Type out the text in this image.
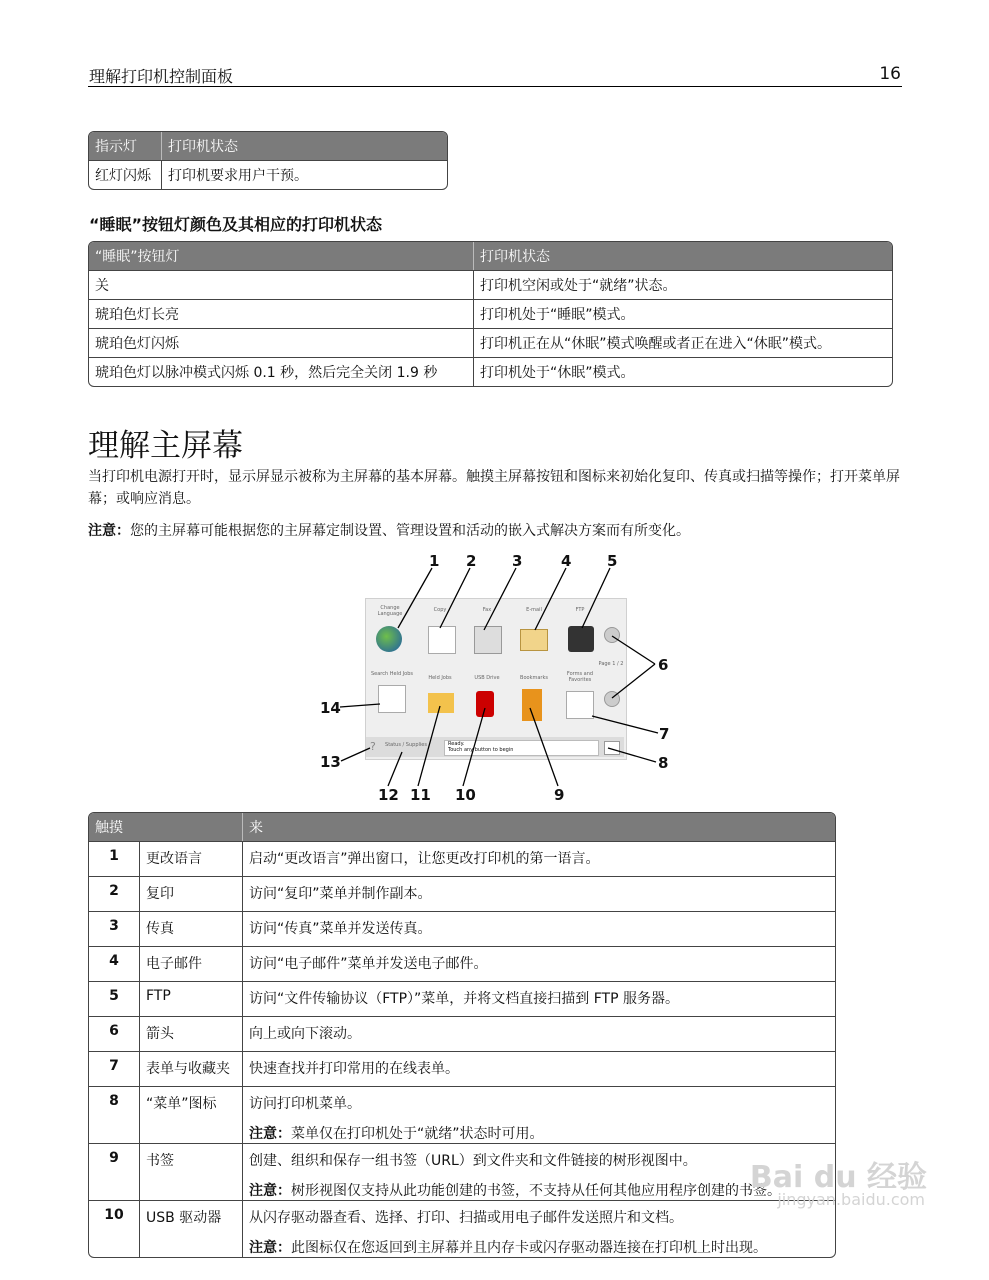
理解打印机控制面板	16
指示灯	打印机状态
红灯闪烁	打印机要求用户干预。
“睡眠”按钮灯颜色及其相应的打印机状态
“睡眠”按钮灯	打印机状态
关	打印机空闲或处于“就绪”状态。
琥珀色灯长亮	打印机处于“睡眠”模式。
琥珀色灯闪烁	打印机正在从“休眠”模式唤醒或者正在进入“休眠”模式。
琥珀色灯以脉冲模式闪烁 0.1 秒，然后完全关闭 1.9 秒	打印机处于“休眠”模式。
理解主屏幕
当打印机电源打开时，显示屏显示被称为主屏幕的基本屏幕。触摸主屏幕按钮和图标来初始化复印、传真或扫描等操作；打开菜单屏幕；或响应消息。
注意：您的主屏幕可能根据您的主屏幕定制设置、管理设置和活动的嵌入式解决方案而有所变化。
Change Language
Copy	Fax	E-mail	FTP
Page 1 / 2
Search Held Jobs
Held Jobs	USB Drive	Bookmarks
Forms and Favorites
?	Status / Supplies	Ready.
Touch any button to begin
1 2 3	4 5
6
7
8
9
10
11
12
13
14
触摸		来
1	更改语言	启动“更改语言”弹出窗口，让您更改打印机的第一语言。
2	复印	访问“复印”菜单并制作副本。
3	传真	访问“传真”菜单并发送传真。
4	电子邮件	访问“电子邮件”菜单并发送电子邮件。
5	FTP	访问“文件传输协议（FTP）”菜单，并将文档直接扫描到 FTP 服务器。
6	箭头	向上或向下滚动。
7	表单与收藏夹	快速查找并打印常用的在线表单。
8	“菜单”图标	访问打印机菜单。
注意：菜单仅在打印机处于“就绪”状态时可用。

9	书签	创建、组织和保存一组书签（URL）到文件夹和文件链接的树形视图中。
注意：树形视图仅支持从此功能创建的书签，不支持从任何其他应用程序创建的书签。

10	USB 驱动器	从闪存驱动器查看、选择、打印、扫描或用电子邮件发送照片和文档。
注意：此图标仅在您返回到主屏幕并且内存卡或闪存驱动器连接在打印机上时出现。
Bai du 经验
jingyan.baidu.com
